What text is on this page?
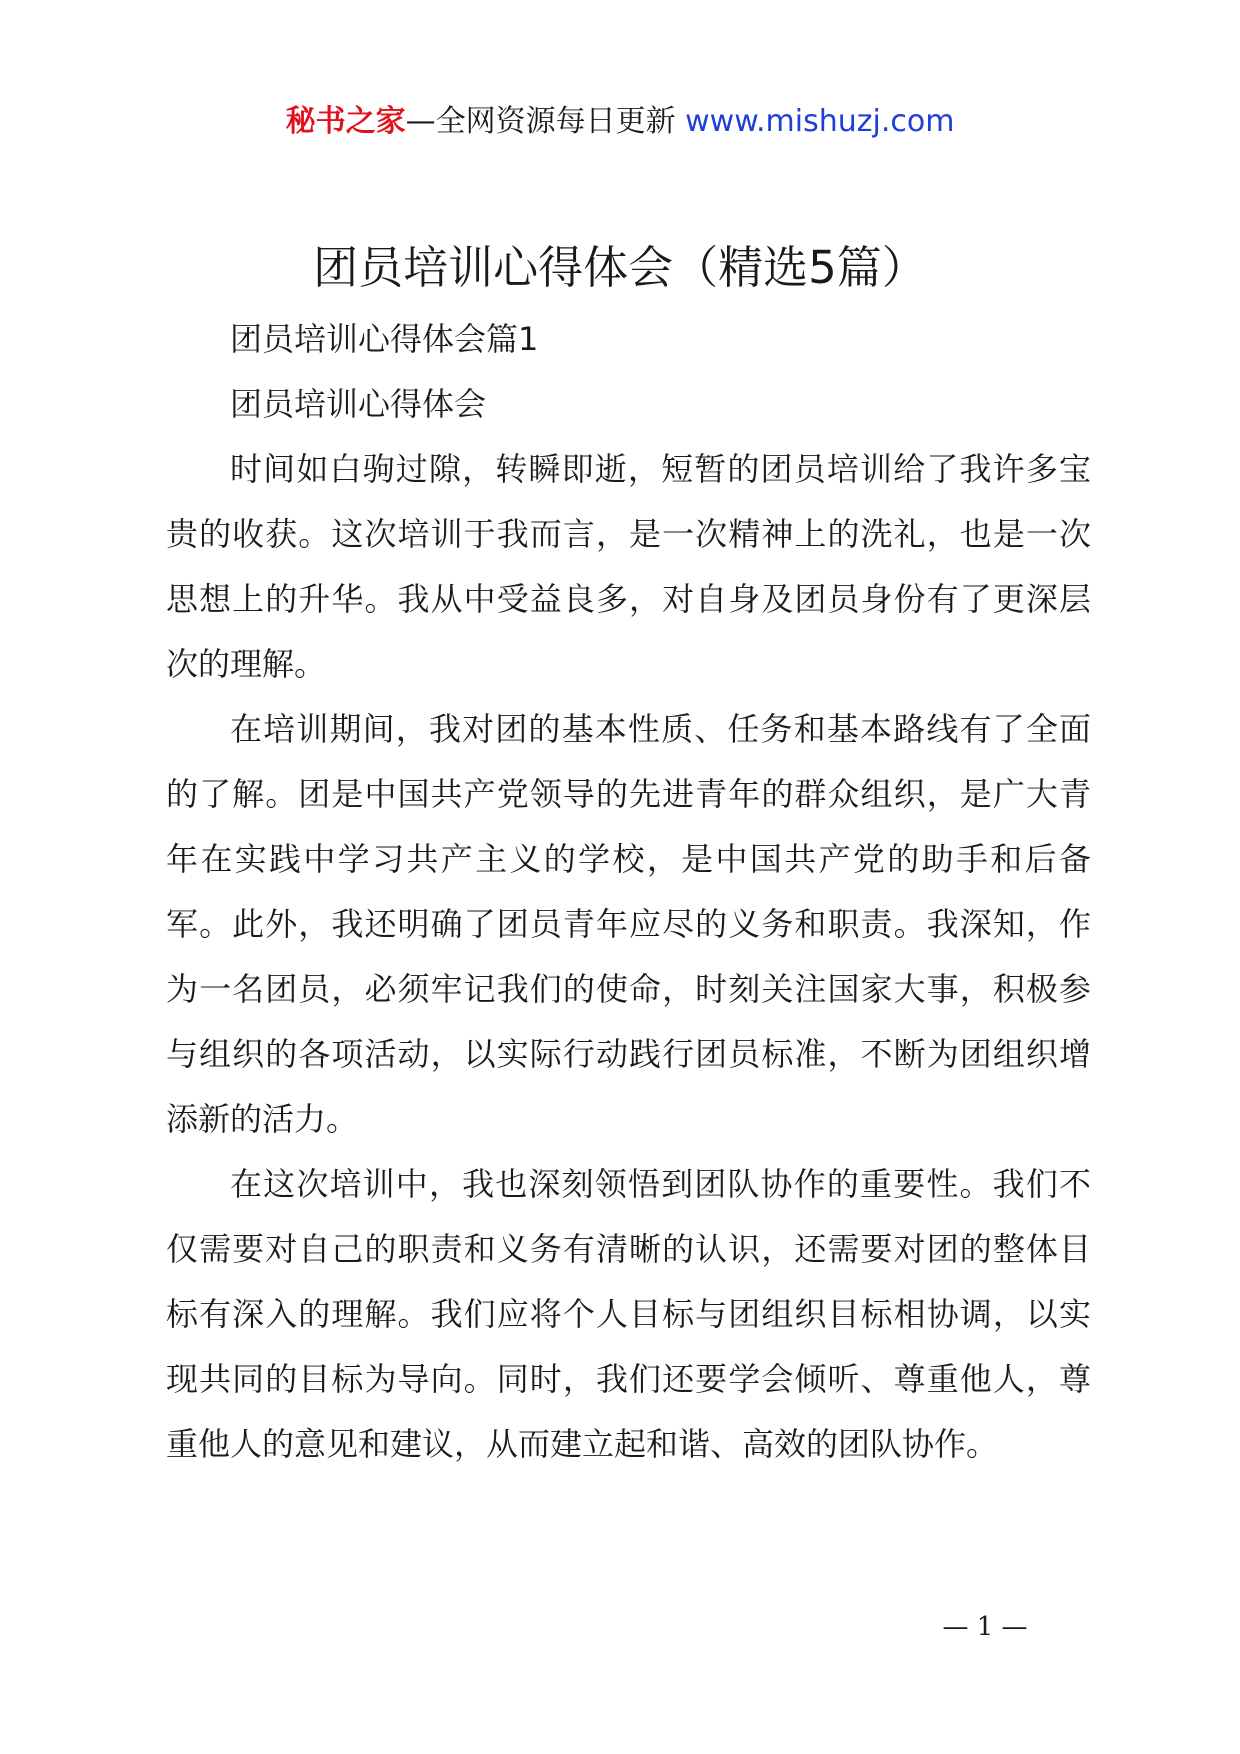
秘书之家—全网资源每日更新 www.mishuzj.com
团员培训心得体会（精选5篇）

团员培训心得体会篇1

团员培训心得体会

时间如白驹过隙，转瞬即逝，短暂的团员培训给了我许多宝贵的收获。这次培训于我而言，是一次精神上的洗礼，也是一次思想上的升华。我从中受益良多，对自身及团员身份有了更深层次的理解。

在培训期间，我对团的基本性质、任务和基本路线有了全面的了解。团是中国共产党领导的先进青年的群众组织，是广大青年在实践中学习共产主义的学校，是中国共产党的助手和后备军。此外，我还明确了团员青年应尽的义务和职责。我深知，作为一名团员，必须牢记我们的使命，时刻关注国家大事，积极参与组织的各项活动，以实际行动践行团员标准，不断为团组织增添新的活力。

在这次培训中，我也深刻领悟到团队协作的重要性。我们不仅需要对自己的职责和义务有清晰的认识，还需要对团的整体目标有深入的理解。我们应将个人目标与团组织目标相协调，以实现共同的目标为导向。同时，我们还要学会倾听、尊重他人，尊重他人的意见和建议，从而建立起和谐、高效的团队协作。

— 1 —
